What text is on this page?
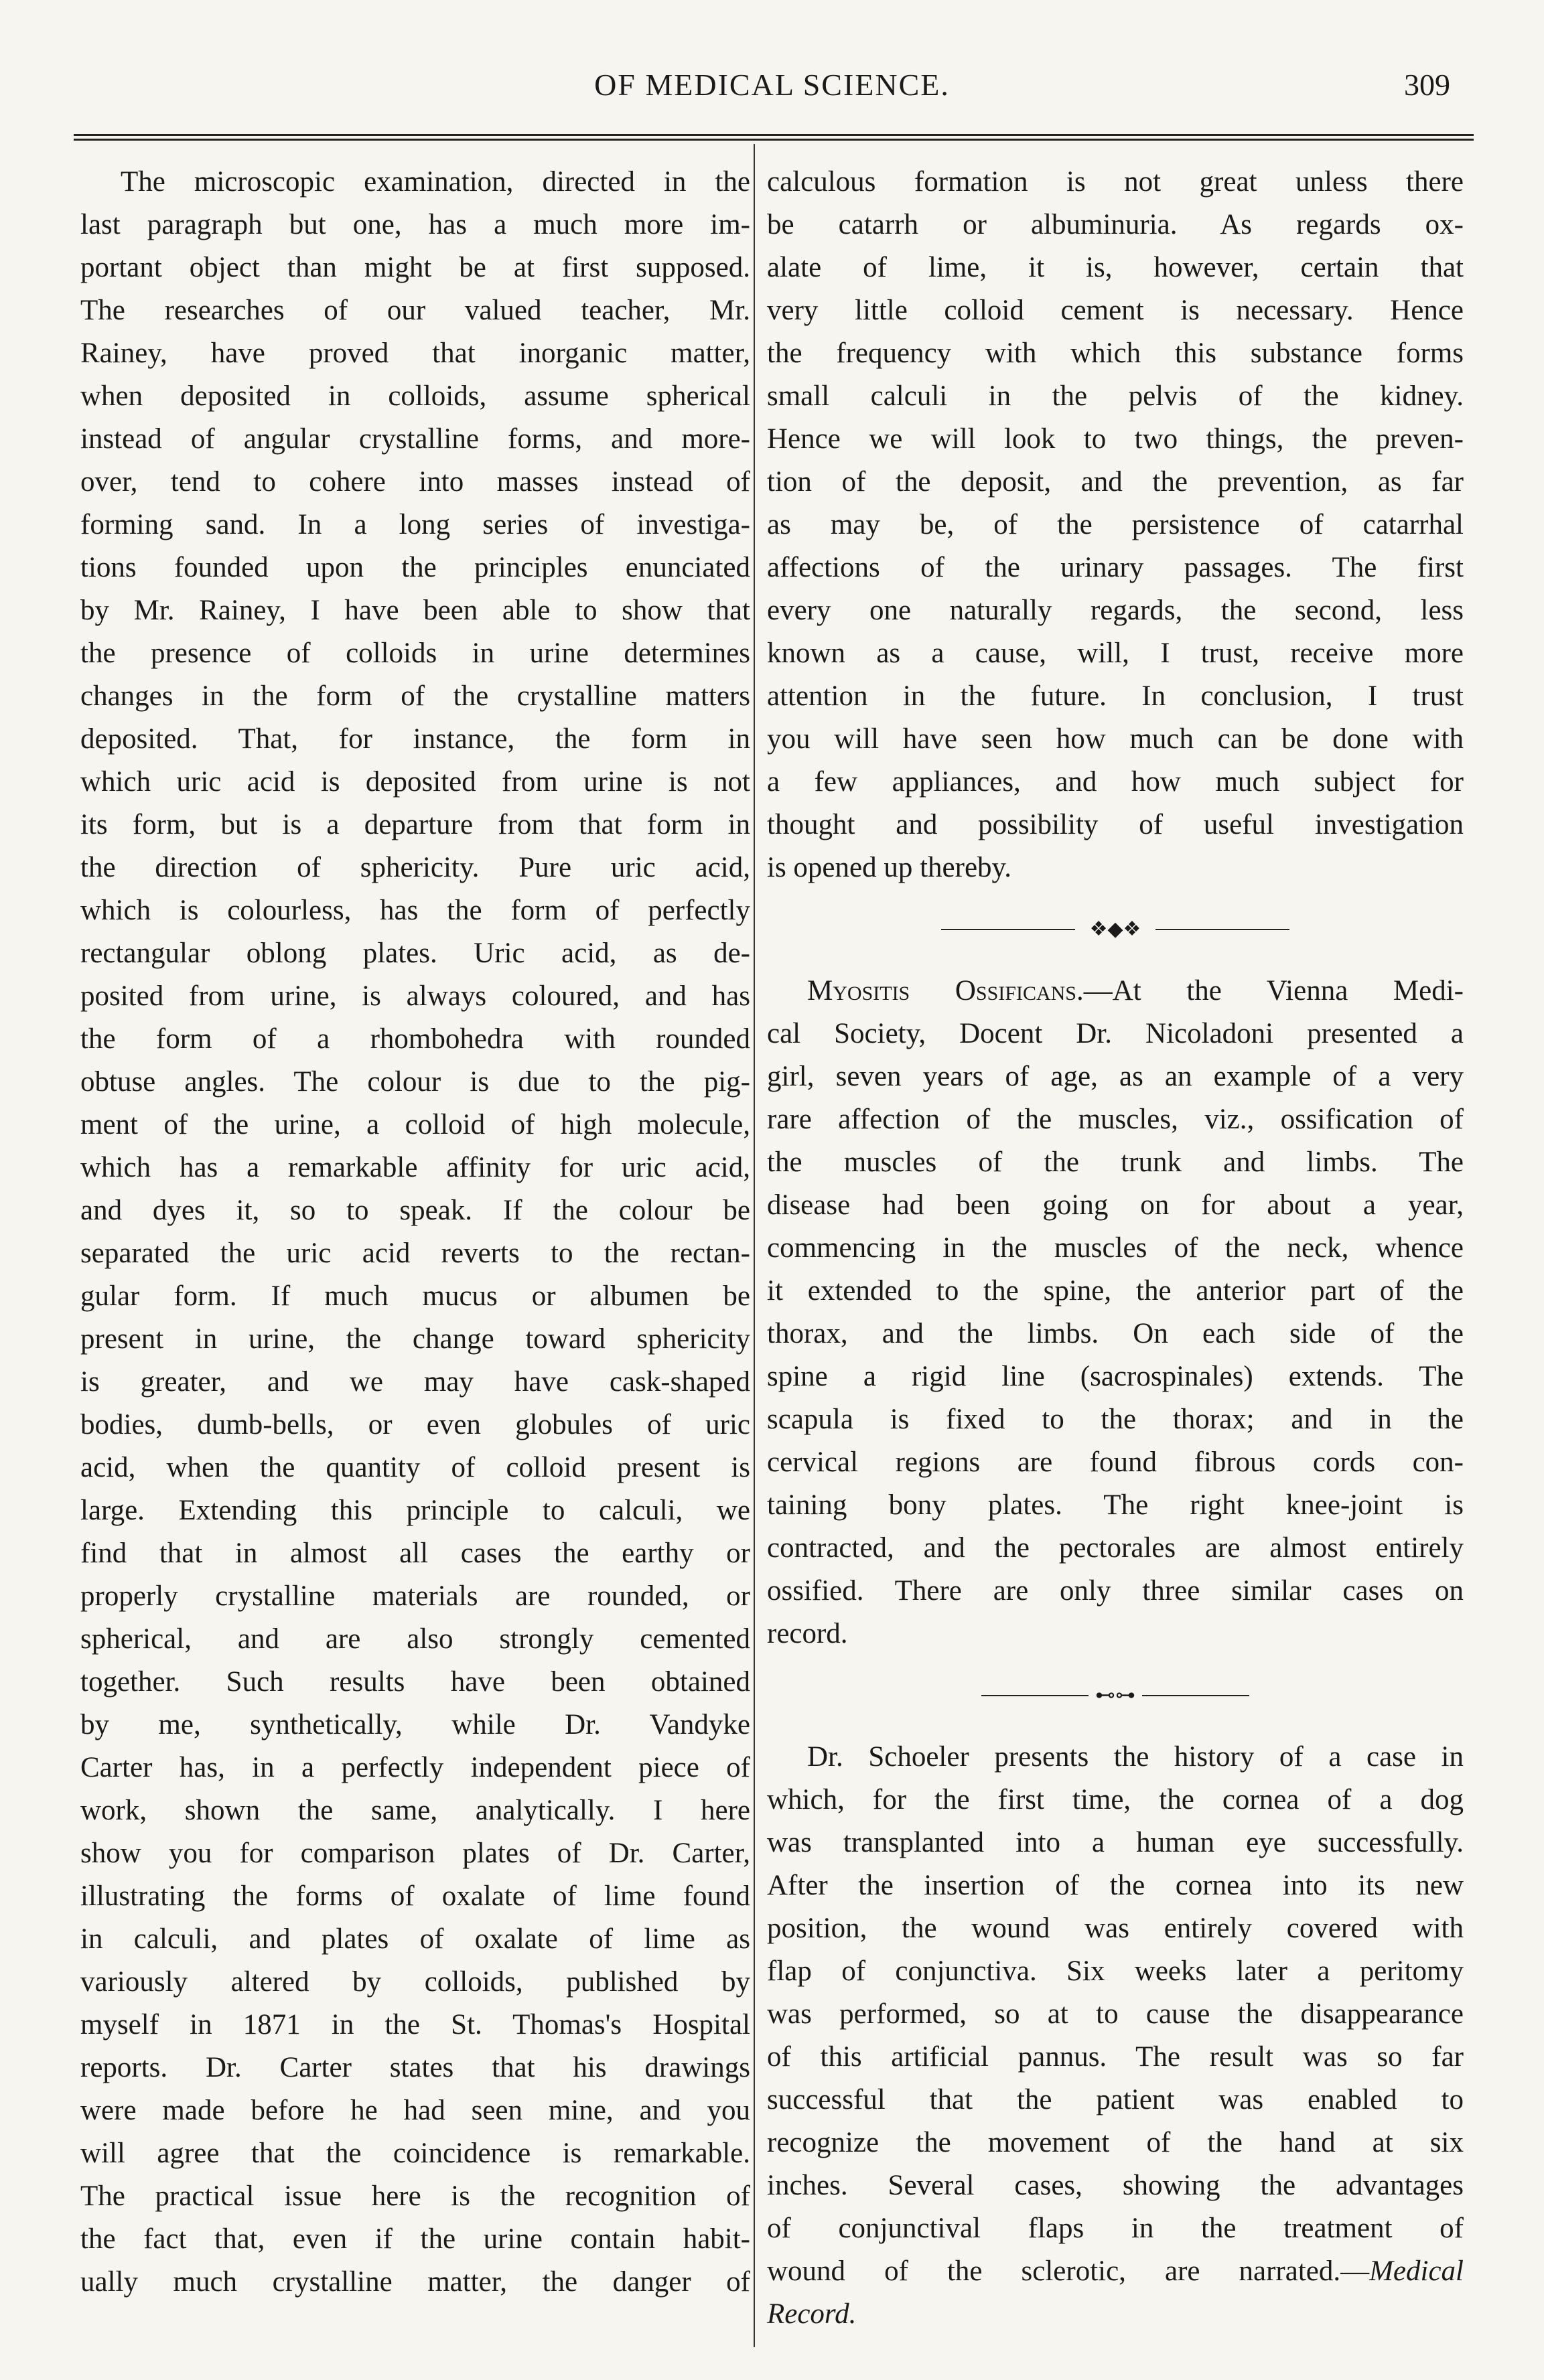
OF MEDICAL SCIENCE.	309
The microscopic examination, directed in the
last paragraph but one, has a much more im-
portant object than might be at first supposed.
The researches of our valued teacher, Mr.
Rainey, have proved that inorganic matter,
when deposited in colloids, assume spherical
instead of angular crystalline forms, and more-
over, tend to cohere into masses instead of
forming sand. In a long series of investiga-
tions founded upon the principles enunciated
by Mr. Rainey, I have been able to show that
the presence of colloids in urine determines
changes in the form of the crystalline matters
deposited. That, for instance, the form in
which uric acid is deposited from urine is not
its form, but is a departure from that form in
the direction of sphericity. Pure uric acid,
which is colourless, has the form of perfectly
rectangular oblong plates. Uric acid, as de-
posited from urine, is always coloured, and has
the form of a rhombohedra with rounded
obtuse angles. The colour is due to the pig-
ment of the urine, a colloid of high molecule,
which has a remarkable affinity for uric acid,
and dyes it, so to speak. If the colour be
separated the uric acid reverts to the rectan-
gular form. If much mucus or albumen be
present in urine, the change toward sphericity
is greater, and we may have cask-shaped
bodies, dumb-bells, or even globules of uric
acid, when the quantity of colloid present is
large. Extending this principle to calculi, we
find that in almost all cases the earthy or
properly crystalline materials are rounded, or
spherical, and are also strongly cemented
together. Such results have been obtained
by me, synthetically, while Dr. Vandyke
Carter has, in a perfectly independent piece of
work, shown the same, analytically. I here
show you for comparison plates of Dr. Carter,
illustrating the forms of oxalate of lime found
in calculi, and plates of oxalate of lime as
variously altered by colloids, published by
myself in 1871 in the St. Thomas's Hospital
reports. Dr. Carter states that his drawings
were made before he had seen mine, and you
will agree that the coincidence is remarkable.
The practical issue here is the recognition of
the fact that, even if the urine contain habit-
ually much crystalline matter, the danger of
calculous formation is not great unless there
be catarrh or albuminuria. As regards ox-
alate of lime, it is, however, certain that
very little colloid cement is necessary. Hence
the frequency with which this substance forms
small calculi in the pelvis of the kidney.
Hence we will look to two things, the preven-
tion of the deposit, and the prevention, as far
as may be, of the persistence of catarrhal
affections of the urinary passages. The first
every one naturally regards, the second, less
known as a cause, will, I trust, receive more
attention in the future. In conclusion, I trust
you will have seen how much can be done with
a few appliances, and how much subject for
thought and possibility of useful investigation
is opened up thereby.
❖◆❖
Myositis Ossificans.—At the Vienna Medi-
cal Society, Docent Dr. Nicoladoni presented a
girl, seven years of age, as an example of a very
rare affection of the muscles, viz., ossification of
the muscles of the trunk and limbs. The
disease had been going on for about a year,
commencing in the muscles of the neck, whence
it extended to the spine, the anterior part of the
thorax, and the limbs. On each side of the
spine a rigid line (sacrospinales) extends. The
scapula is fixed to the thorax; and in the
cervical regions are found fibrous cords con-
taining bony plates. The right knee-joint is
contracted, and the pectorales are almost entirely
ossified. There are only three similar cases on
record.
⊷⊶
Dr. Schoeler presents the history of a case in
which, for the first time, the cornea of a dog
was transplanted into a human eye successfully.
After the insertion of the cornea into its new
position, the wound was entirely covered with
flap of conjunctiva. Six weeks later a peritomy
was performed, so at to cause the disappearance
of this artificial pannus. The result was so far
successful that the patient was enabled to
recognize the movement of the hand at six
inches. Several cases, showing the advantages
of conjunctival flaps in the treatment of
wound of the sclerotic, are narrated.—Medical
Record.
